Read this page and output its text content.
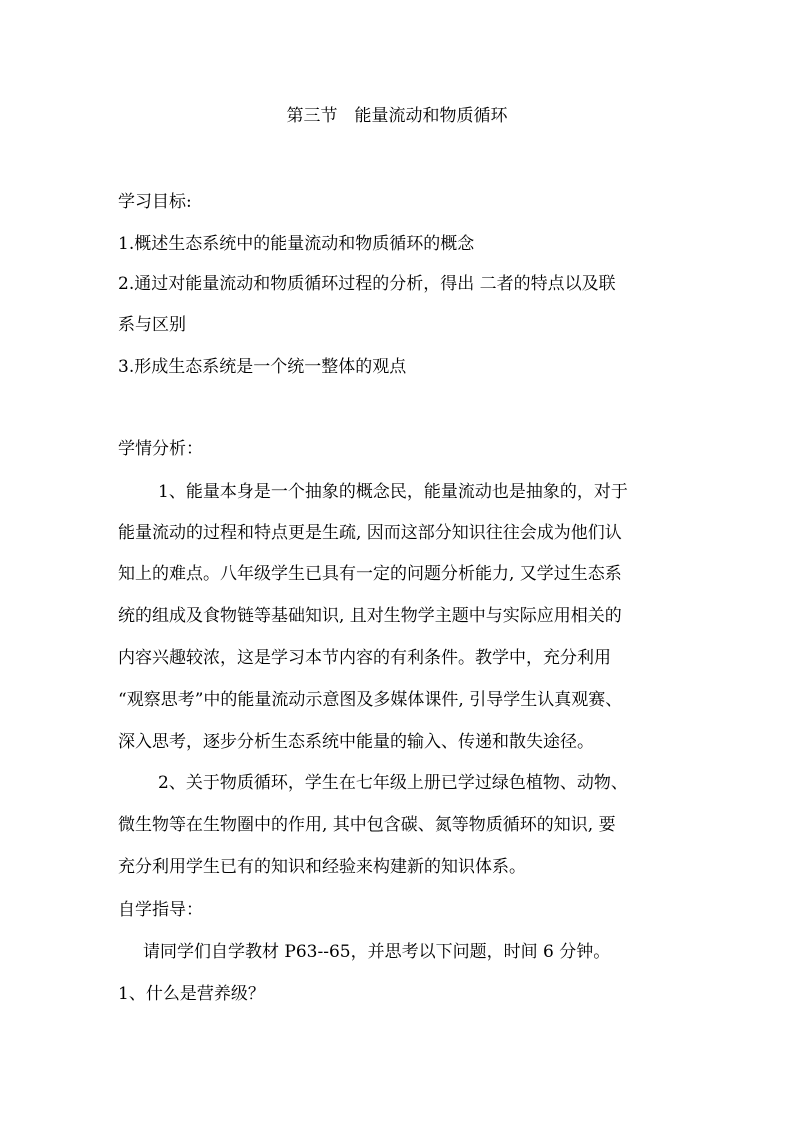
第三节　能量流动和物质循环
学习目标:
1.概述生态系统中的能量流动和物质循环的概念
2.通过对能量流动和物质循环过程的分析，得出 二者的特点以及联
系与区别
3.形成生态系统是一个统一整体的观点
学情分析：
1、能量本身是一个抽象的概念民，能量流动也是抽象的，对于
能量流动的过程和特点更是生疏, 因而这部分知识往往会成为他们认
知上的难点。八年级学生已具有一定的问题分析能力, 又学过生态系
统的组成及食物链等基础知识, 且对生物学主题中与实际应用相关的
内容兴趣较浓，这是学习本节内容的有利条件。教学中，充分利用
“观察思考”中的能量流动示意图及多媒体课件, 引导学生认真观赛、
深入思考，逐步分析生态系统中能量的输入、传递和散失途径。
2、关于物质循环，学生在七年级上册已学过绿色植物、动物、
微生物等在生物圈中的作用, 其中包含碳、氮等物质循环的知识, 要
充分利用学生已有的知识和经验来构建新的知识体系。
自学指导：
请同学们自学教材 P63--65，并思考以下问题，时间 6 分钟。
1、什么是营养级？
